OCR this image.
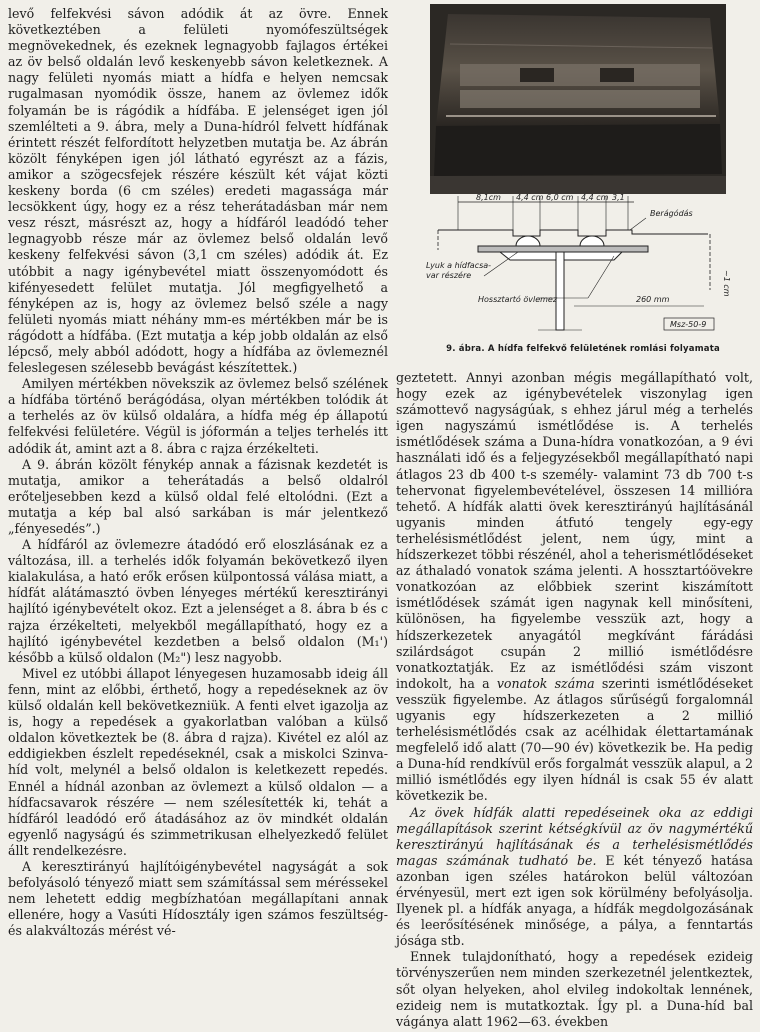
levő felfekvési sávon adódik át az övre. Ennek következtében a felületi nyomófeszültségek megnövekednek, és ezeknek legnagyobb fajlagos értékei az öv belső oldalán levő keskenyebb sávon keletkeznek. A nagy felületi nyomás miatt a hídfa e helyen nemcsak rugalmasan nyomódik össze, hanem az övlemez idők folyamán be is rágódik a hídfába. E jelenséget igen jól szemlélteti a 9. ábra, mely a Duna-hídról felvett hídfának érintett részét felfordított helyzetben mutatja be. Az ábrán közölt fényképen igen jól látható egyrészt az a fázis, amikor a szögecsfejek részére készült két vájat közti keskeny borda (6 cm széles) eredeti magassága már lecsökkent úgy, hogy ez a rész teherátadásban már nem vesz részt, másrészt az, hogy a hídfáról leadódó teher legnagyobb része már az övlemez belső oldalán levő keskeny felfekvési sávon (3,1 cm széles) adódik át. Ez utóbbit a nagy igénybevétel miatt összenyomódott és kifényesedett felület mutatja. Jól megfigyelhető a fényképen az is, hogy az övlemez belső széle a nagy felületi nyomás miatt néhány mm-es mértékben már be is rágódott a hídfába. (Ezt mutatja a kép jobb oldalán az első lépcső, mely abból adódott, hogy a hídfába az övlemeznél feleslegesen szélesebb bevágást készítettek.)

Amilyen mértékben növekszik az övlemez belső szélének a hídfába történő berágódása, olyan mértékben tolódik át a terhelés az öv külső oldalára, a hídfa még ép állapotú felfekvési felületére. Végül is jóformán a teljes terhelés itt adódik át, amint azt a 8. ábra c rajza érzékelteti.

A 9. ábrán közölt fénykép annak a fázisnak kezdetét is mutatja, amikor a teherátadás a belső oldalról erőteljesebben kezd a külső oldal felé eltolódni. (Ezt a mutatja a kép bal alsó sarkában is már jelentkező „fényesedés”.)

A hídfáról az övlemezre átadódó erő eloszlásának ez a változása, ill. a terhelés idők folyamán bekövetkező ilyen kialakulása, a ható erők erősen külpontossá válása miatt, a hídfát alátámasztó övben lényeges mértékű keresztirányi hajlító igénybevételt okoz. Ezt a jelenséget a 8. ábra b és c rajza érzékelteti, melyekből megállapítható, hogy ez a hajlító igénybevétel kezdetben a belső oldalon (M₁') később a külső oldalon (M₂") lesz nagyobb.

Mivel ez utóbbi állapot lényegesen huzamosabb ideig áll fenn, mint az előbbi, érthető, hogy a repedéseknek az öv külső oldalán kell bekövetkezniük. A fenti elvet igazolja az is, hogy a repedések a gyakorlatban valóban a külső oldalon következtek be (8. ábra d rajza). Kivétel ez alól az eddigiekben észlelt repedéseknél, csak a miskolci Szinva-híd volt, melynél a belső oldalon is keletkezett repedés. Ennél a hídnál azonban az övlemezt a külső oldalon — a hídfacsavarok részére — nem szélesítették ki, tehát a hídfáról leadódó erő átadásához az öv mindkét oldalán egyenlő nagyságú és szimmetrikusan elhelyezkedő felület állt rendelkezésre.

A keresztirányú hajlítóigénybevétel nagyságát a sok befolyásoló tényező miatt sem számítással sem méréssekel nem lehetett eddig megbízhatóan megállapítani annak ellenére, hogy a Vasúti Hídosztály igen számos feszültség- és alakváltozás mérést vé-

8,1cm 4,4 cm 6,0 cm 4,4 cm 3,1
Berágódás
Lyuk a hídfacsa-
var részére
Hossztartó övlemez	260 mm
~1 cm
Msz-50-9
9. ábra. A hídfa felfekvő felületének romlási folyamata

geztetett. Annyi azonban mégis megállapítható volt, hogy ezek az igénybevételek viszonylag igen számottevő nagyságúak, s ehhez járul még a terhelés igen nagyszámú ismétlődése is. A terhelés ismétlődések száma a Duna-hídra vonatkozóan, a 9 évi használati idő és a feljegyzésekből megállapítható napi átlagos 23 db 400 t-s személy- valamint 73 db 700 t-s tehervonat figyelembevételével, összesen 14 millióra tehető. A hídfák alatti övek keresztirányú hajlításánál ugyanis minden átfutó tengely egy-egy terhelésismétlődést jelent, nem úgy, mint a hídszerkezet többi részénél, ahol a teherismétlődéseket az áthaladó vonatok száma jelenti. A hossztartóövekre vonatkozóan az előbbiek szerint kiszámított ismétlődések számát igen nagynak kell minősíteni, különösen, ha figyelembe vesszük azt, hogy a hídszerkezetek anyagától megkívánt fárádási szilárdságot csupán 2 millió ismétlődésre vonatkoztatják. Ez az ismétlődési szám viszont indokolt, ha a vonatok száma szerinti ismétlődéseket vesszük figyelembe. Az átlagos sűrűségű forgalomnál ugyanis egy hídszerkezeten a 2 millió terhelésismétlődés csak az acélhidak élettartamának megfelelő idő alatt (70—90 év) következik be. Ha pedig a Duna-híd rendkívül erős forgalmát vesszük alapul, a 2 millió ismétlődés egy ilyen hídnál is csak 55 év alatt következik be.

Az övek hídfák alatti repedéseinek oka az eddigi megállapítások szerint kétségkívül az öv nagymértékű keresztirányú hajlításának és a terhelésismétlődés magas számának tudható be. E két tényező hatása azonban igen széles határokon belül változóan érvényesül, mert ezt igen sok körülmény befolyásolja. Ilyenek pl. a hídfák anyaga, a hídfák megdolgozásának és leerősítésének minősége, a pálya, a fenntartás jósága stb.

Ennek tulajdonítható, hogy a repedések ezideig törvényszerűen nem minden szerkezetnél jelentkeztek, sőt olyan helyeken, ahol elvileg indokoltak lennének, ezideig nem is mutatkoztak. Így pl. a Duna-híd bal vágánya alatt 1962—63. években
